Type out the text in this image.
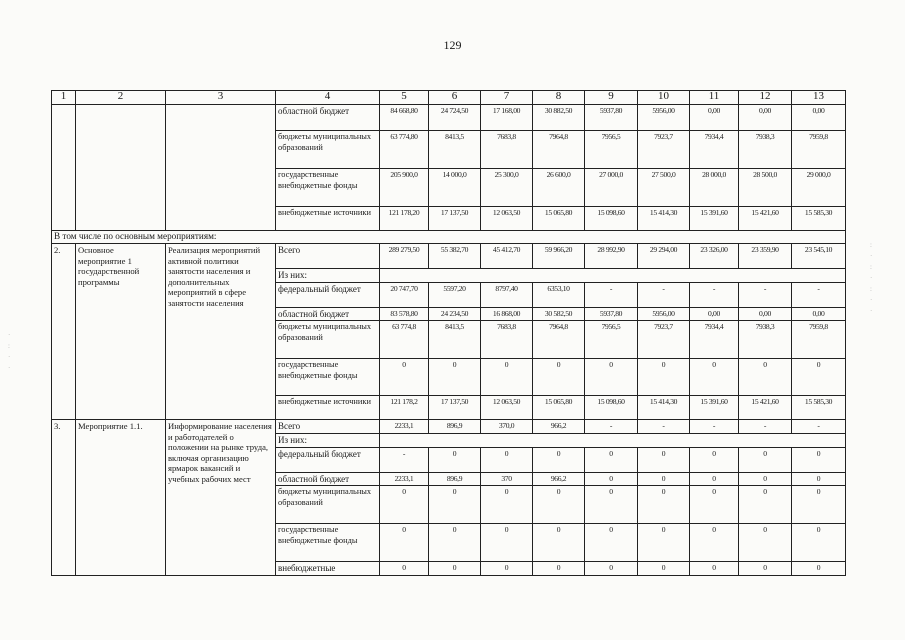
129
1	2	3	4	5	6	7	8	9	10	11	12	13
			областной бюджет	84 668,80	24 724,50	17 168,00	30 882,50	5937,80	5956,00	0,00	0,00	0,00
			бюджеты муниципальных образований	63 774,80	8413,5	7683,8	7964,8	7956,5	7923,7	7934,4	7938,3	7959,8
			государственные внебюджетные фонды	205 900,0	14 000,0	25 300,0	26 600,0	27 000,0	27 500,0	28 000,0	28 500,0	29 000,0
			внебюджетные источники	121 178,20	17 137,50	12 063,50	15 065,80	15 098,60	15 414,30	15 391,60	15 421,60	15 585,30
В том числе по основным мероприятиям:												
2.	Основное мероприятие 1 государственной программы	Реализация мероприятий активной политики занятости населения и дополнительных мероприятий в сфере занятости населения	Всего	289 279,50	55 382,70	45 412,70	59 966,20	28 992,90	29 294,00	23 326,00	23 359,90	23 545,10
			Из них:									
			федеральный бюджет	20 747,70	5597,20	8797,40	6353,10	-	-	-	-	-
			областной бюджет	83 578,80	24 234,50	16 868,00	30 582,50	5937,80	5956,00	0,00	0,00	0,00
			бюджеты муниципальных образований	63 774,8	8413,5	7683,8	7964,8	7956,5	7923,7	7934,4	7938,3	7959,8
			государственные внебюджетные фонды	0	0	0	0	0	0	0	0	0
			внебюджетные источники	121 178,2	17 137,50	12 063,50	15 065,80	15 098,60	15 414,30	15 391,60	15 421,60	15 585,30
3.	Мероприятие 1.1.	Информирование населения и работодателей о положении на рынке труда, включая организацию ярмарок вакансий и учебных рабочих мест	Всего	2233,1	896,9	370,0	966,2	-	-	-	-	-
			Из них:									
			федеральный бюджет	-	0	0	0	0	0	0	0	0
			областной бюджет	2233,1	896,9	370	966,2	0	0	0	0	0
			бюджеты муниципальных образований	0	0	0	0	0	0	0	0	0
			государственные внебюджетные фонды	0	0	0	0	0	0	0	0	0
			внебюджетные	0	0	0	0	0	0	0	0	0
:
·
:
·
:
·
·
·
:
·
·
